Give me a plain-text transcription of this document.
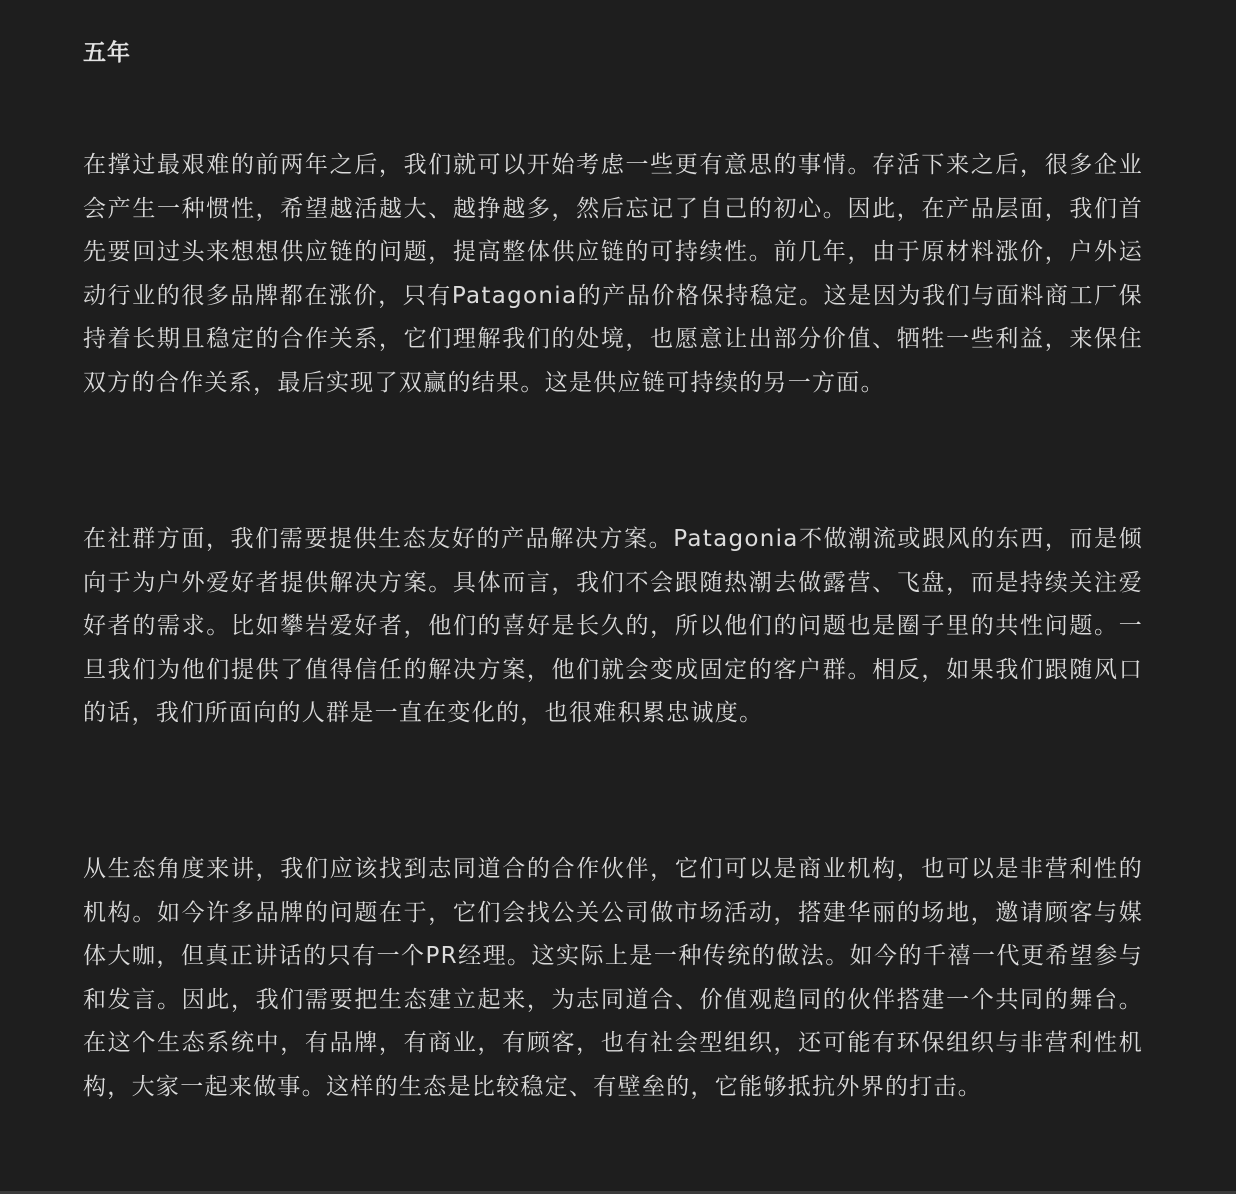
五年

在撑过最艰难的前两年之后，我们就可以开始考虑一些更有意思的事情。存活下来之后，很多企业会产生一种惯性，希望越活越大、越挣越多，然后忘记了自己的初心。因此，在产品层面，我们首先要回过头来想想供应链的问题，提高整体供应链的可持续性。前几年，由于原材料涨价，户外运动行业的很多品牌都在涨价，只有Patagonia的产品价格保持稳定。这是因为我们与面料商工厂保持着长期且稳定的合作关系，它们理解我们的处境，也愿意让出部分价值、牺牲一些利益，来保住双方的合作关系，最后实现了双赢的结果。这是供应链可持续的另一方面。

在社群方面，我们需要提供生态友好的产品解决方案。Patagonia不做潮流或跟风的东西，而是倾向于为户外爱好者提供解决方案。具体而言，我们不会跟随热潮去做露营、飞盘，而是持续关注爱好者的需求。比如攀岩爱好者，他们的喜好是长久的，所以他们的问题也是圈子里的共性问题。一旦我们为他们提供了值得信任的解决方案，他们就会变成固定的客户群。相反，如果我们跟随风口的话，我们所面向的人群是一直在变化的，也很难积累忠诚度。

从生态角度来讲，我们应该找到志同道合的合作伙伴，它们可以是商业机构，也可以是非营利性的机构。如今许多品牌的问题在于，它们会找公关公司做市场活动，搭建华丽的场地，邀请顾客与媒体大咖，但真正讲话的只有一个PR经理。这实际上是一种传统的做法。如今的千禧一代更希望参与和发言。因此，我们需要把生态建立起来，为志同道合、价值观趋同的伙伴搭建一个共同的舞台。在这个生态系统中，有品牌，有商业，有顾客，也有社会型组织，还可能有环保组织与非营利性机构，大家一起来做事。这样的生态是比较稳定、有壁垒的，它能够抵抗外界的打击。
